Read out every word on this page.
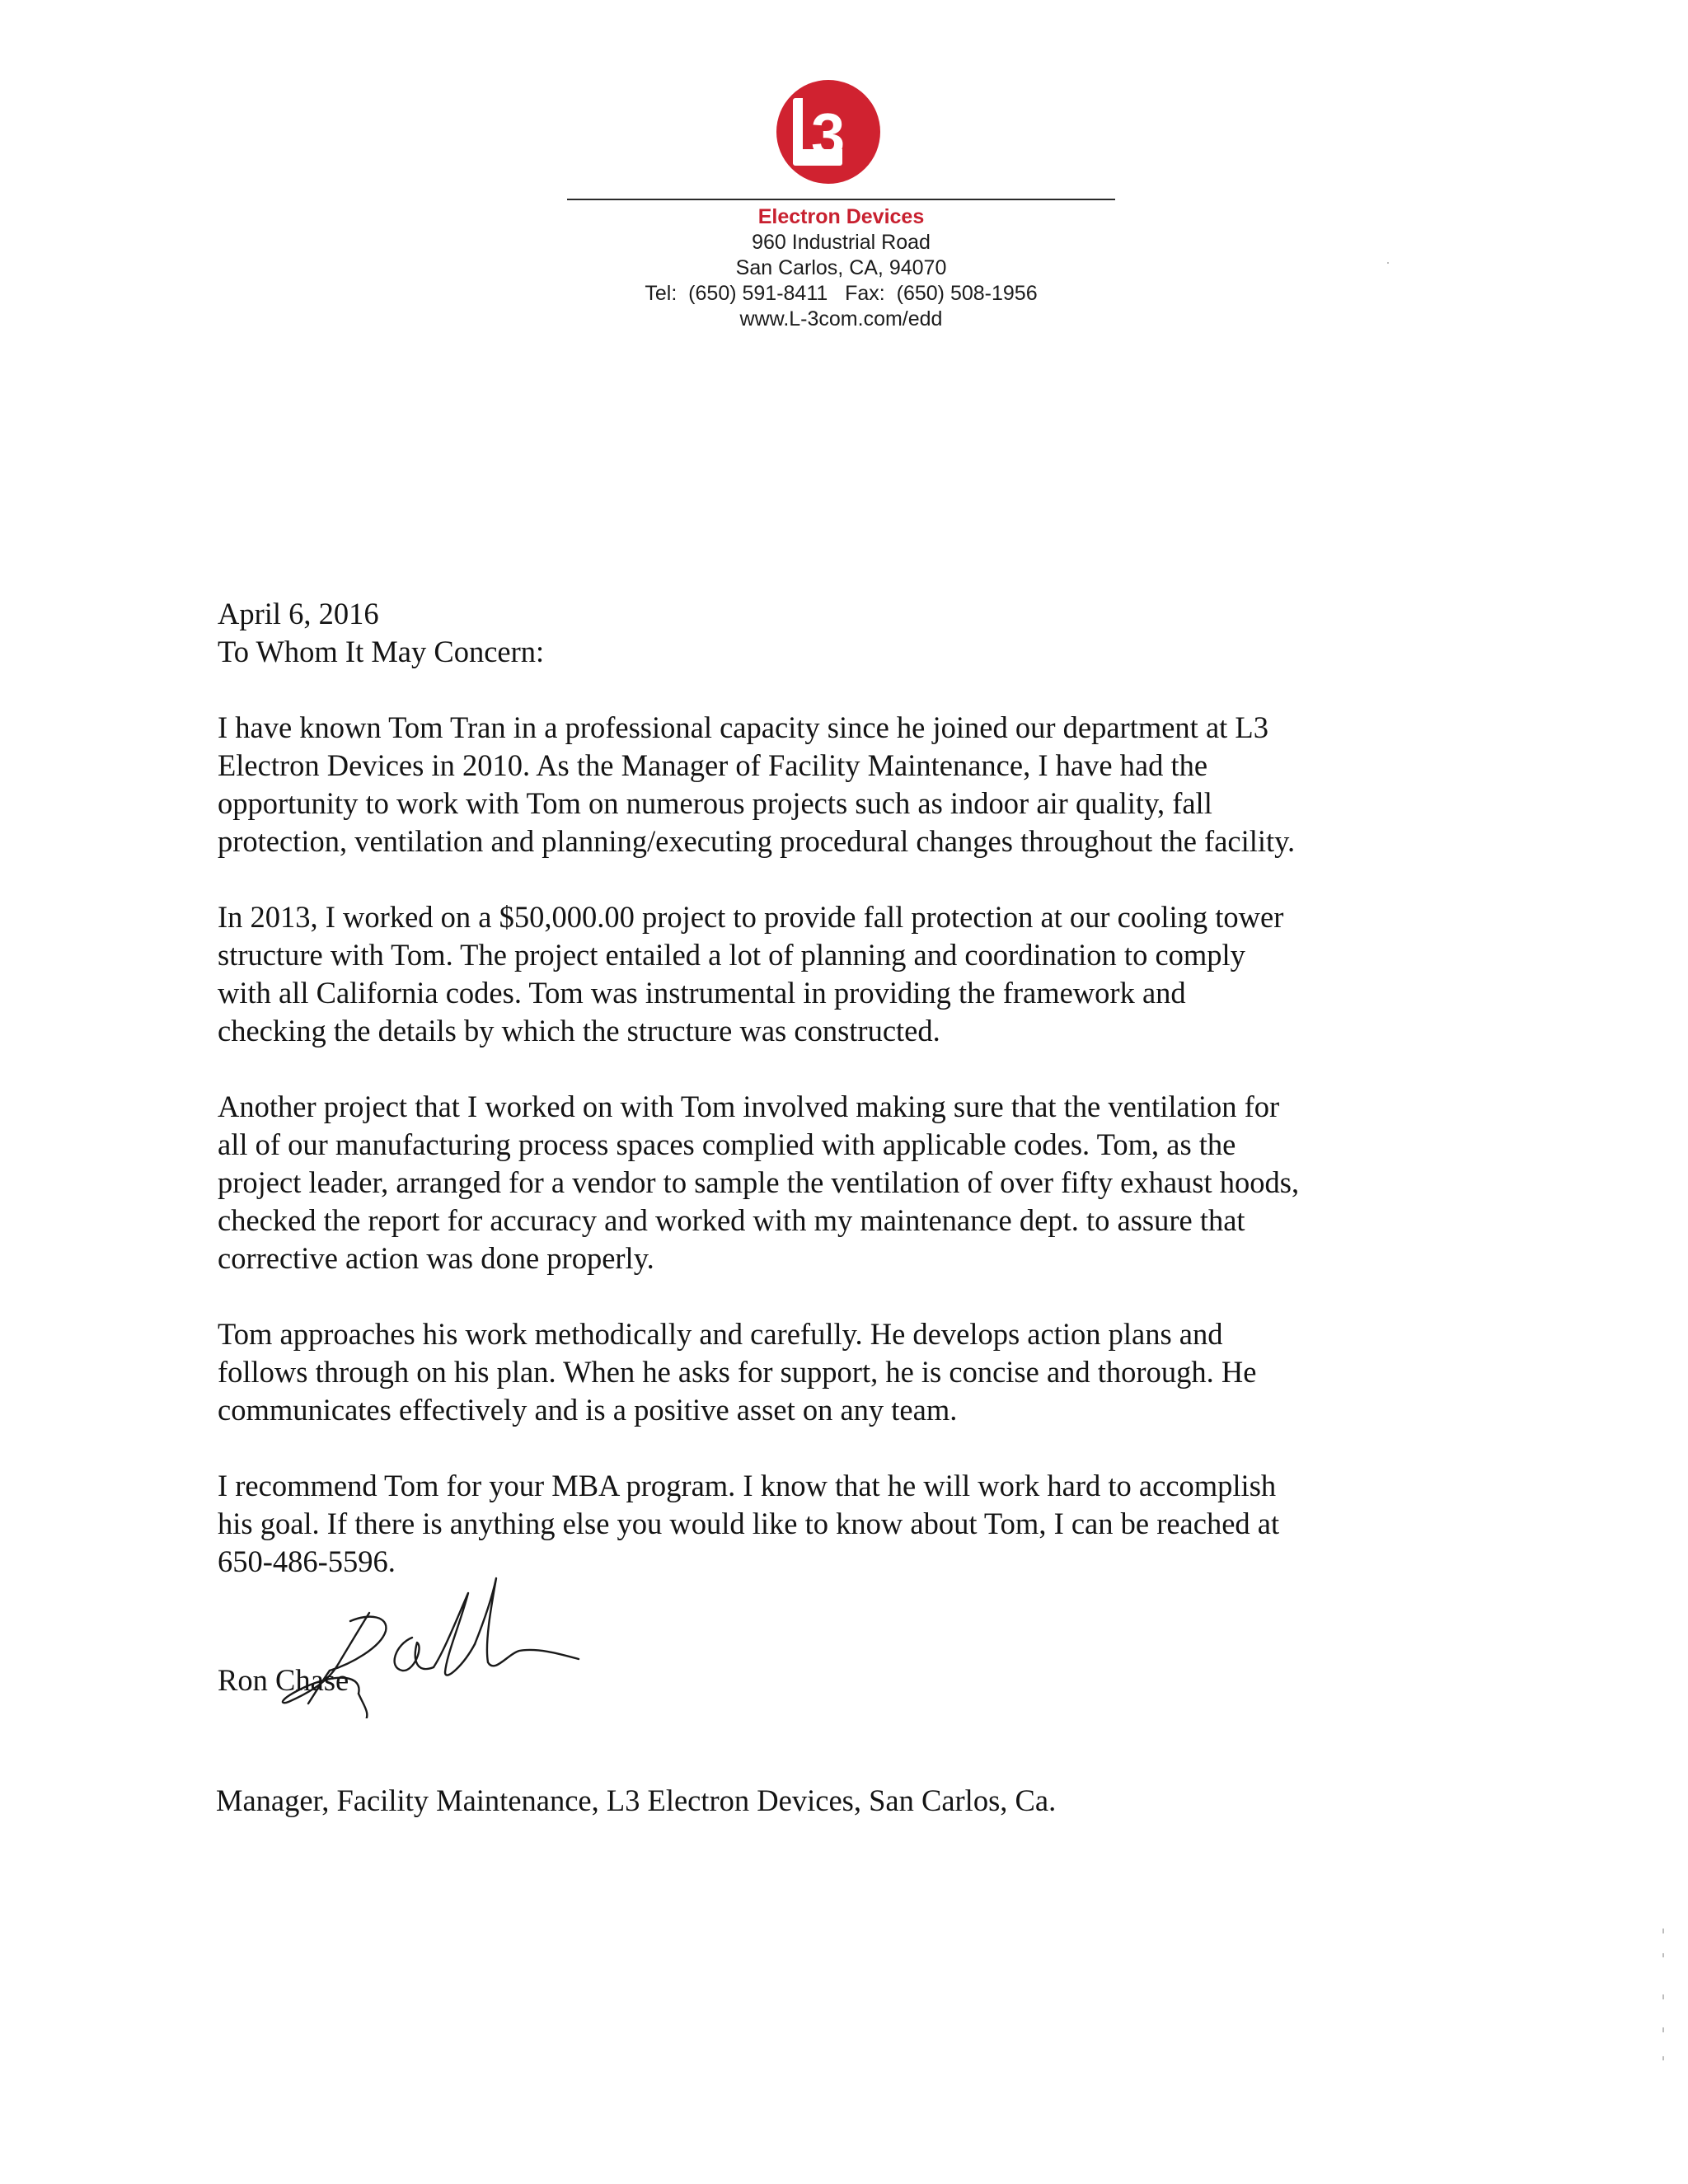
3
Electron Devices
960 Industrial Road
San Carlos, CA, 94070
Tel:  (650) 591-8411   Fax:  (650) 508-1956
www.L-3com.com/edd
April 6, 2016
To Whom It May Concern:
I have known Tom Tran in a professional capacity since he joined our department at L3
Electron Devices in 2010. As the Manager of Facility Maintenance, I have had the
opportunity to work with Tom on numerous projects such as indoor air quality, fall
protection, ventilation and planning/executing procedural changes throughout the facility.
In 2013, I worked on a $50,000.00 project to provide fall protection at our cooling tower
structure with Tom. The project entailed a lot of planning and coordination to comply
with all California codes. Tom was instrumental in providing the framework and
checking the details by which the structure was constructed.
Another project that I worked on with Tom involved making sure that the ventilation for
all of our manufacturing process spaces complied with applicable codes. Tom, as the
project leader, arranged for a vendor to sample the ventilation of over fifty exhaust hoods,
checked the report for accuracy and worked with my maintenance dept. to assure that
corrective action was done properly.
Tom approaches his work methodically and carefully. He develops action plans and
follows through on his plan. When he asks for support, he is concise and thorough. He
communicates effectively and is a positive asset on any team.
I recommend Tom for your MBA program. I know that he will work hard to accomplish
his goal. If there is anything else you would like to know about Tom, I can be reached at
650-486-5596.
Ron Chase
Manager, Facility Maintenance, L3 Electron Devices, San Carlos, Ca.
